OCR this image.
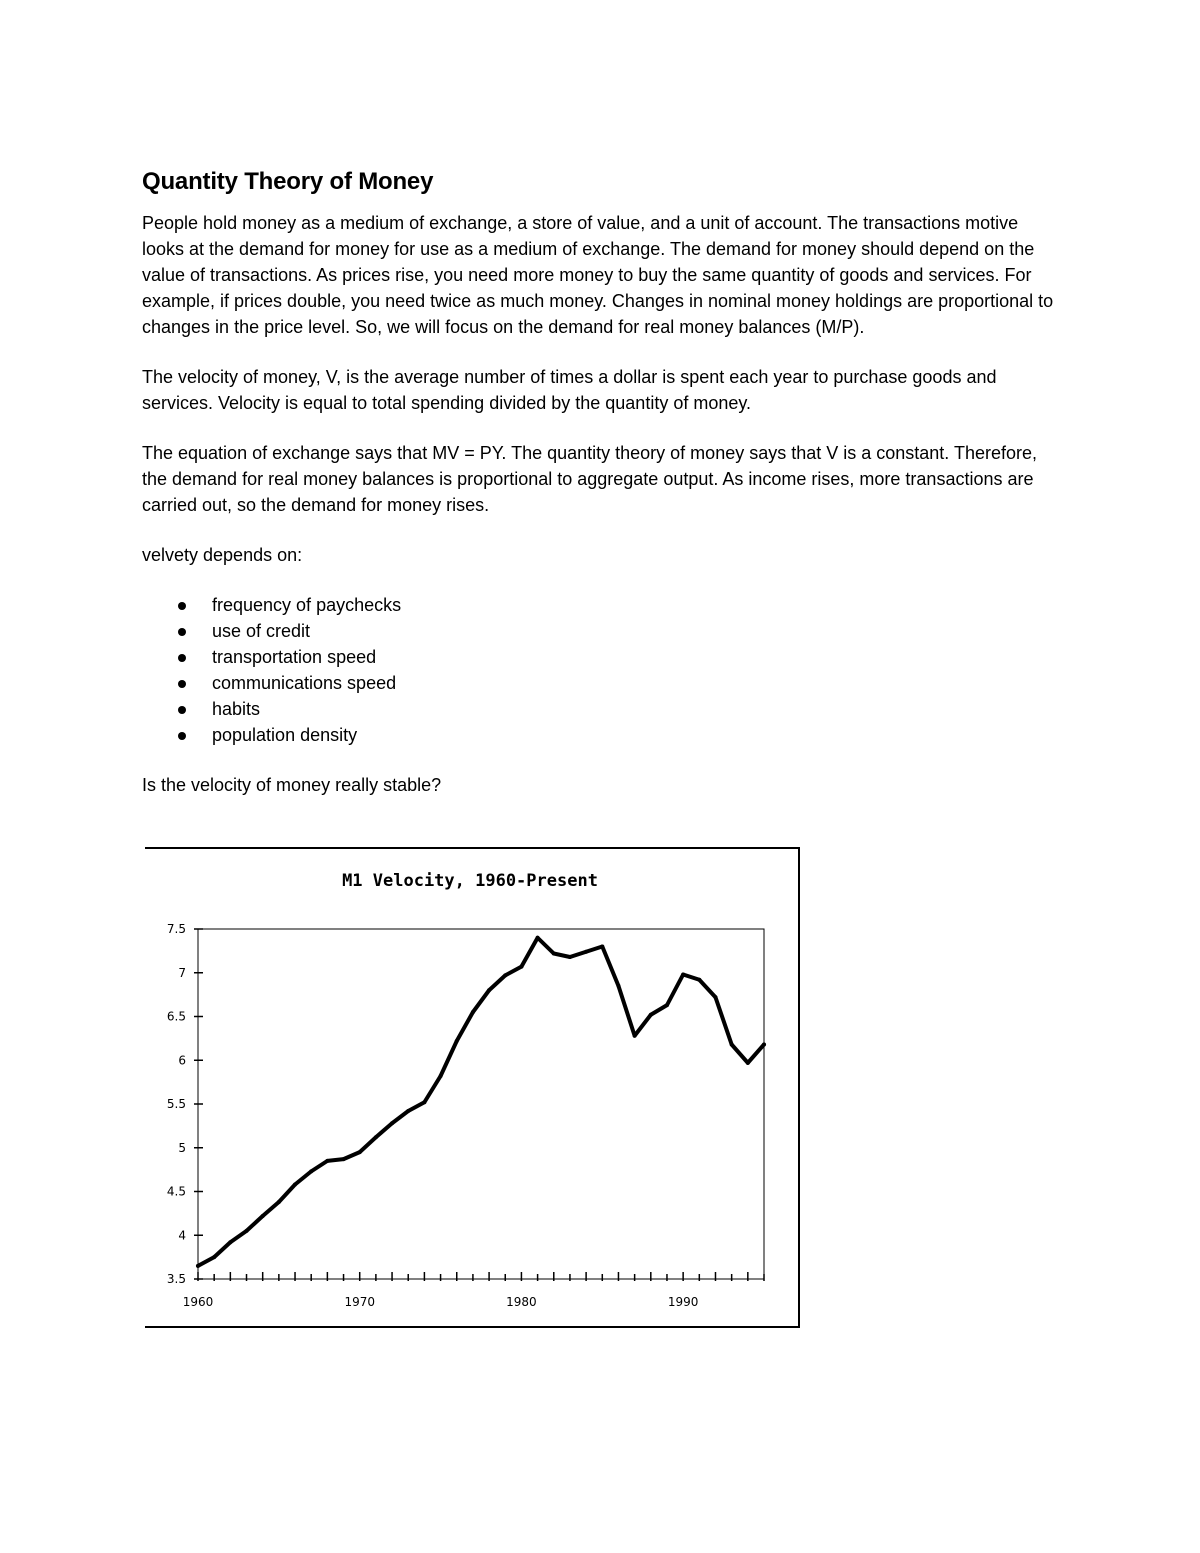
Quantity Theory of Money

People hold money as a medium of exchange, a store of value, and a unit of account. The transactions motive looks at the demand for money for use as a medium of exchange. The demand for money should depend on the value of transactions. As prices rise, you need more money to buy the same quantity of goods and services. For example, if prices double, you need twice as much money. Changes in nominal money holdings are proportional to changes in the price level. So, we will focus on the demand for real money balances (M/P).

The velocity of money, V, is the average number of times a dollar is spent each year to purchase goods and services. Velocity is equal to total spending divided by the quantity of money.

The equation of exchange says that MV = PY. The quantity theory of money says that V is a constant. Therefore, the demand for real money balances is proportional to aggregate output. As income rises, more transactions are carried out, so the demand for money rises.

velvety depends on:

frequency of paychecks
use of credit
transportation speed
communications speed
habits
population density

Is the velocity of money really stable?

M1 Velocity, 1960-Present
7.5
7
6.5
6
5.5
5
4.5
4
3.5
1960	1970	1980	1990
